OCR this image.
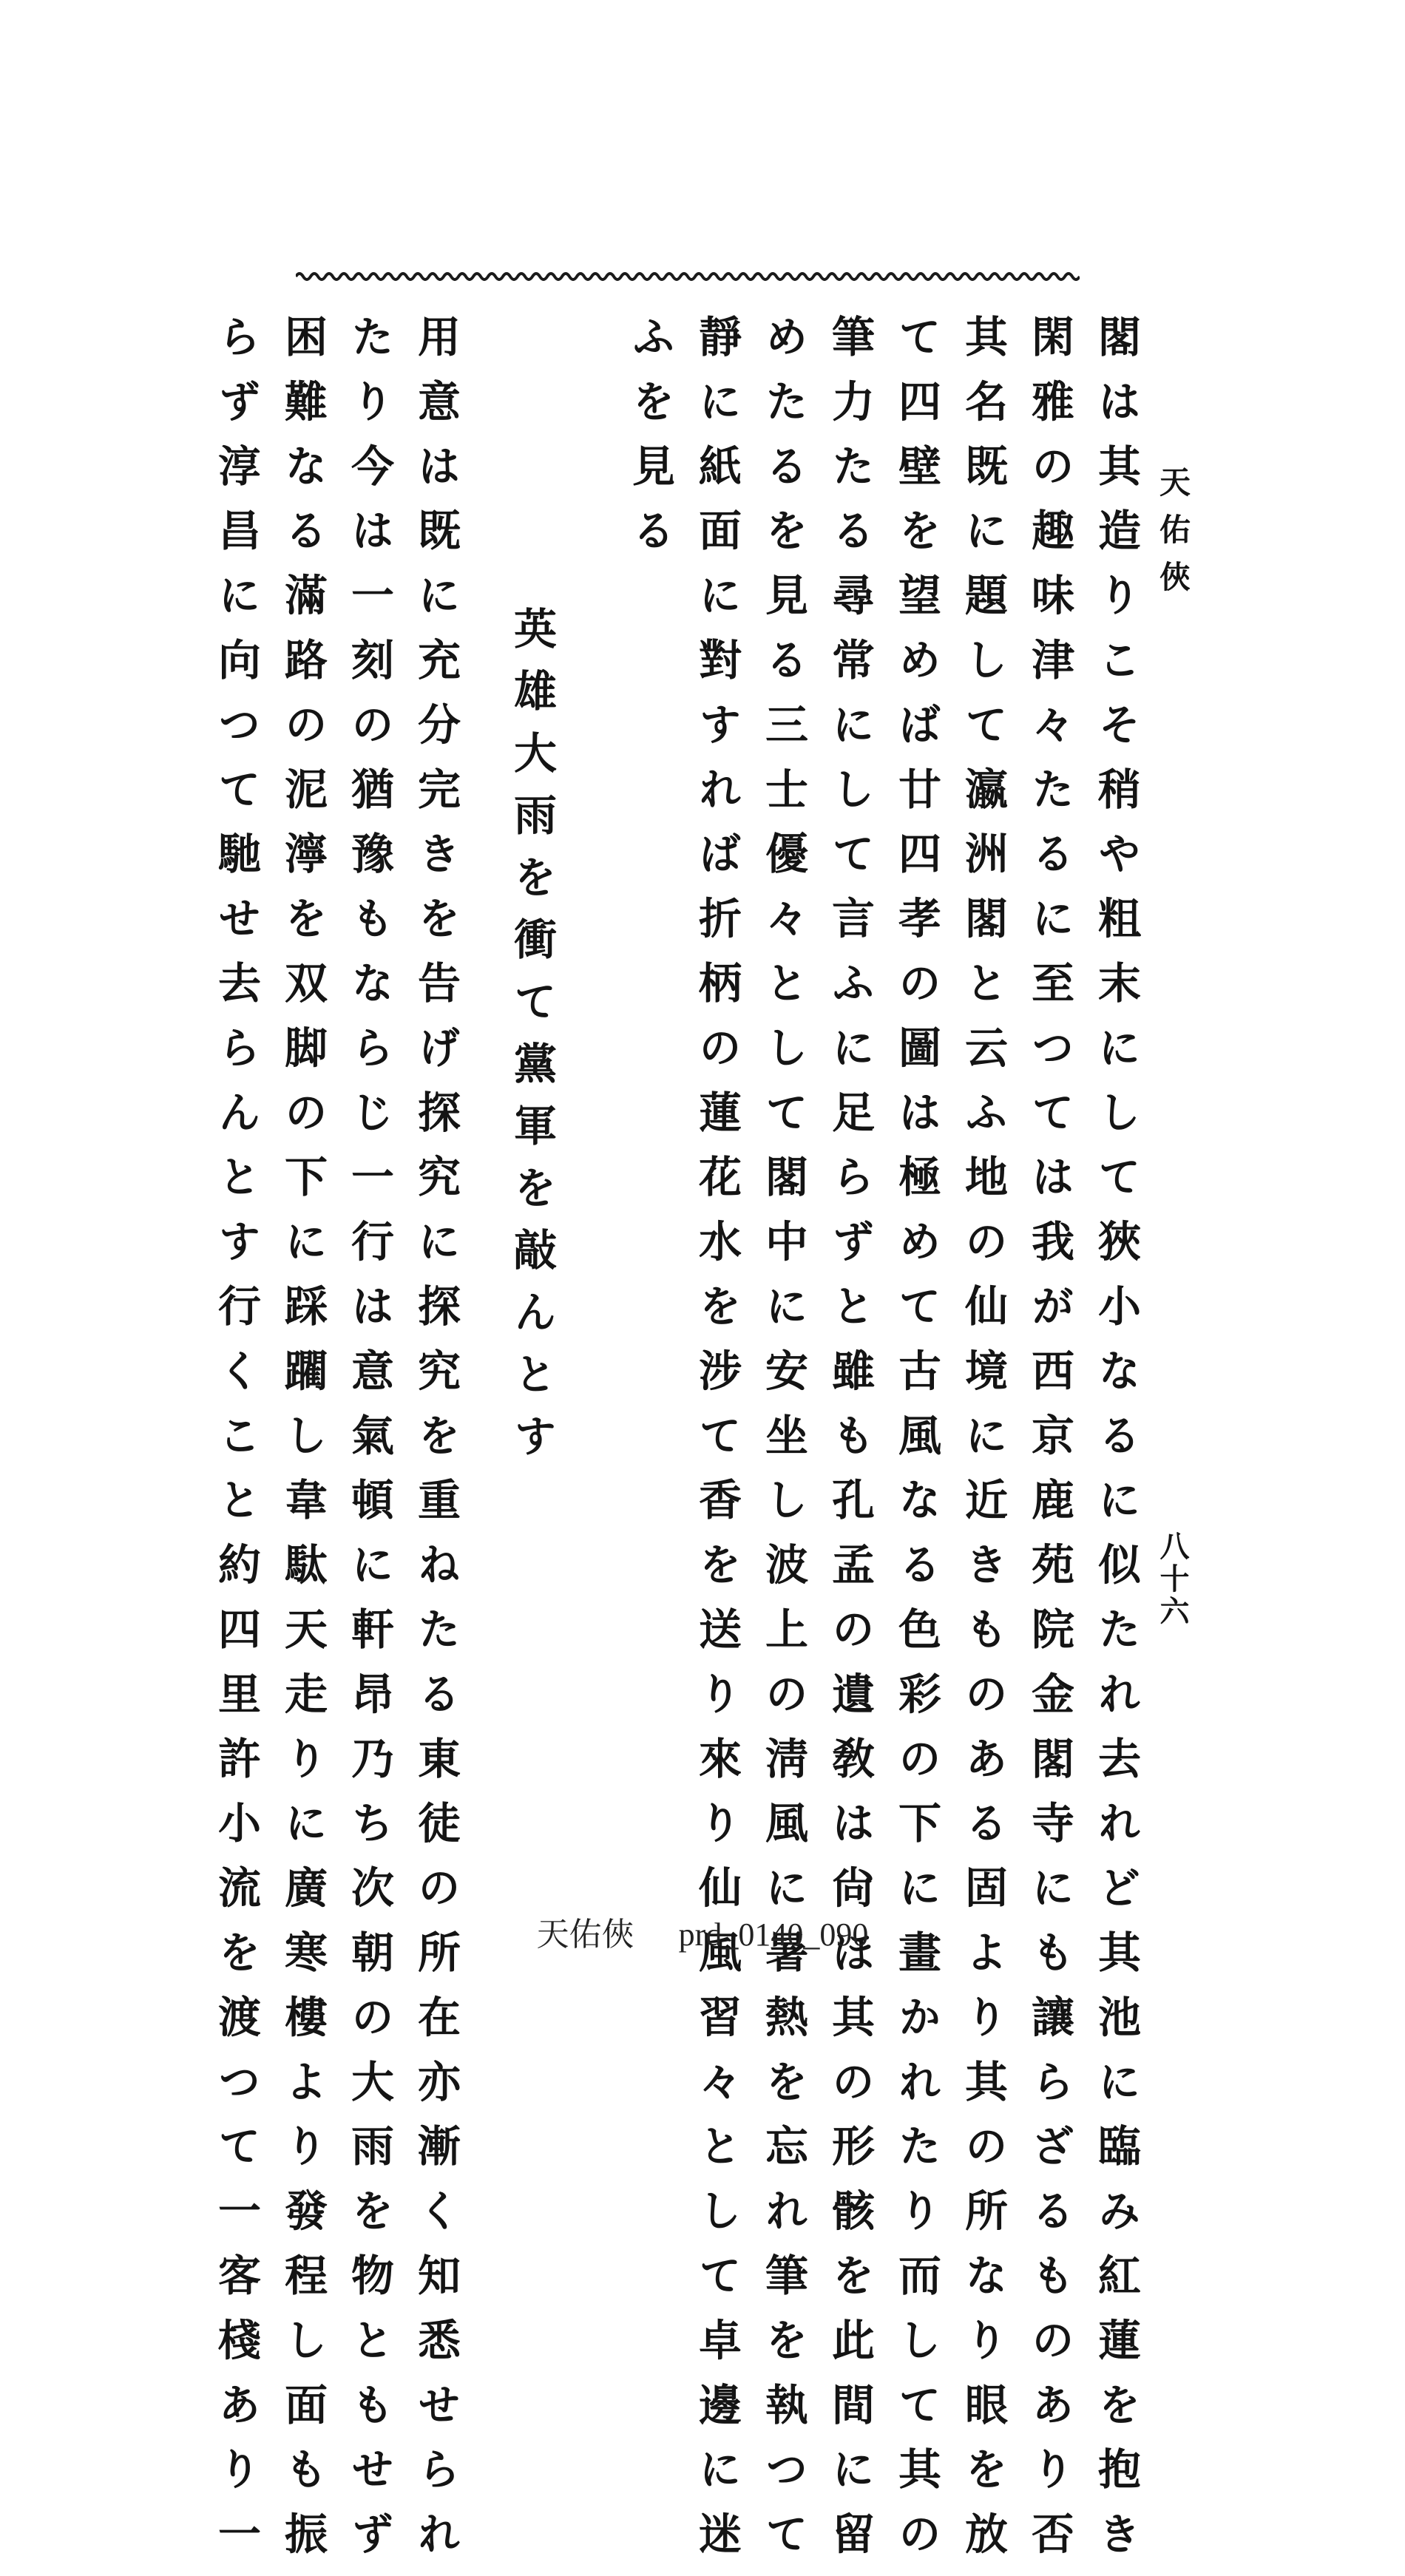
天佑俠
八十六
閣は其造りこそ稍や粗末にして狹小なるに似たれ去れど其池に臨み紅蓮を抱き
閑雅の趣味津々たるに至つては我が西京鹿苑院金閣寺にも讓らざるものあり否
其名既に題して瀛洲閣と云ふ地の仙境に近きものある固より其の所なり眼を放
て四壁を望めば廿四孝の圖は極めて古風なる色彩の下に畫かれたり而して其の
筆力たる尋常にして言ふに足らずと雖も孔孟の遺敎は尙ほ其の形骸を此間に留
めたるを見る三士優々として閣中に安坐し波上の淸風に暑熱を忘れ筆を執つて
靜に紙面に對すれば折柄の蓮花水を涉て香を送り來り仙風習々として卓邊に迷
ふを見る
英雄大雨を衝て黨軍を敲んとす
用意は既に充分完きを告げ探究に探究を重ねたる東徒の所在亦漸く知悉せられ
たり今は一刻の猶豫もならじ一行は意氣頓に軒昂乃ち次朝の大雨を物ともせず
困難なる滿路の泥濘を双脚の下に踩躙し韋駄天走りに廣寒樓より發程し面も振
らず淳昌に向つて馳せ去らんとす行くこと約四里許小流を渡つて一客棧あり一	天佑俠 prd_0140_090
